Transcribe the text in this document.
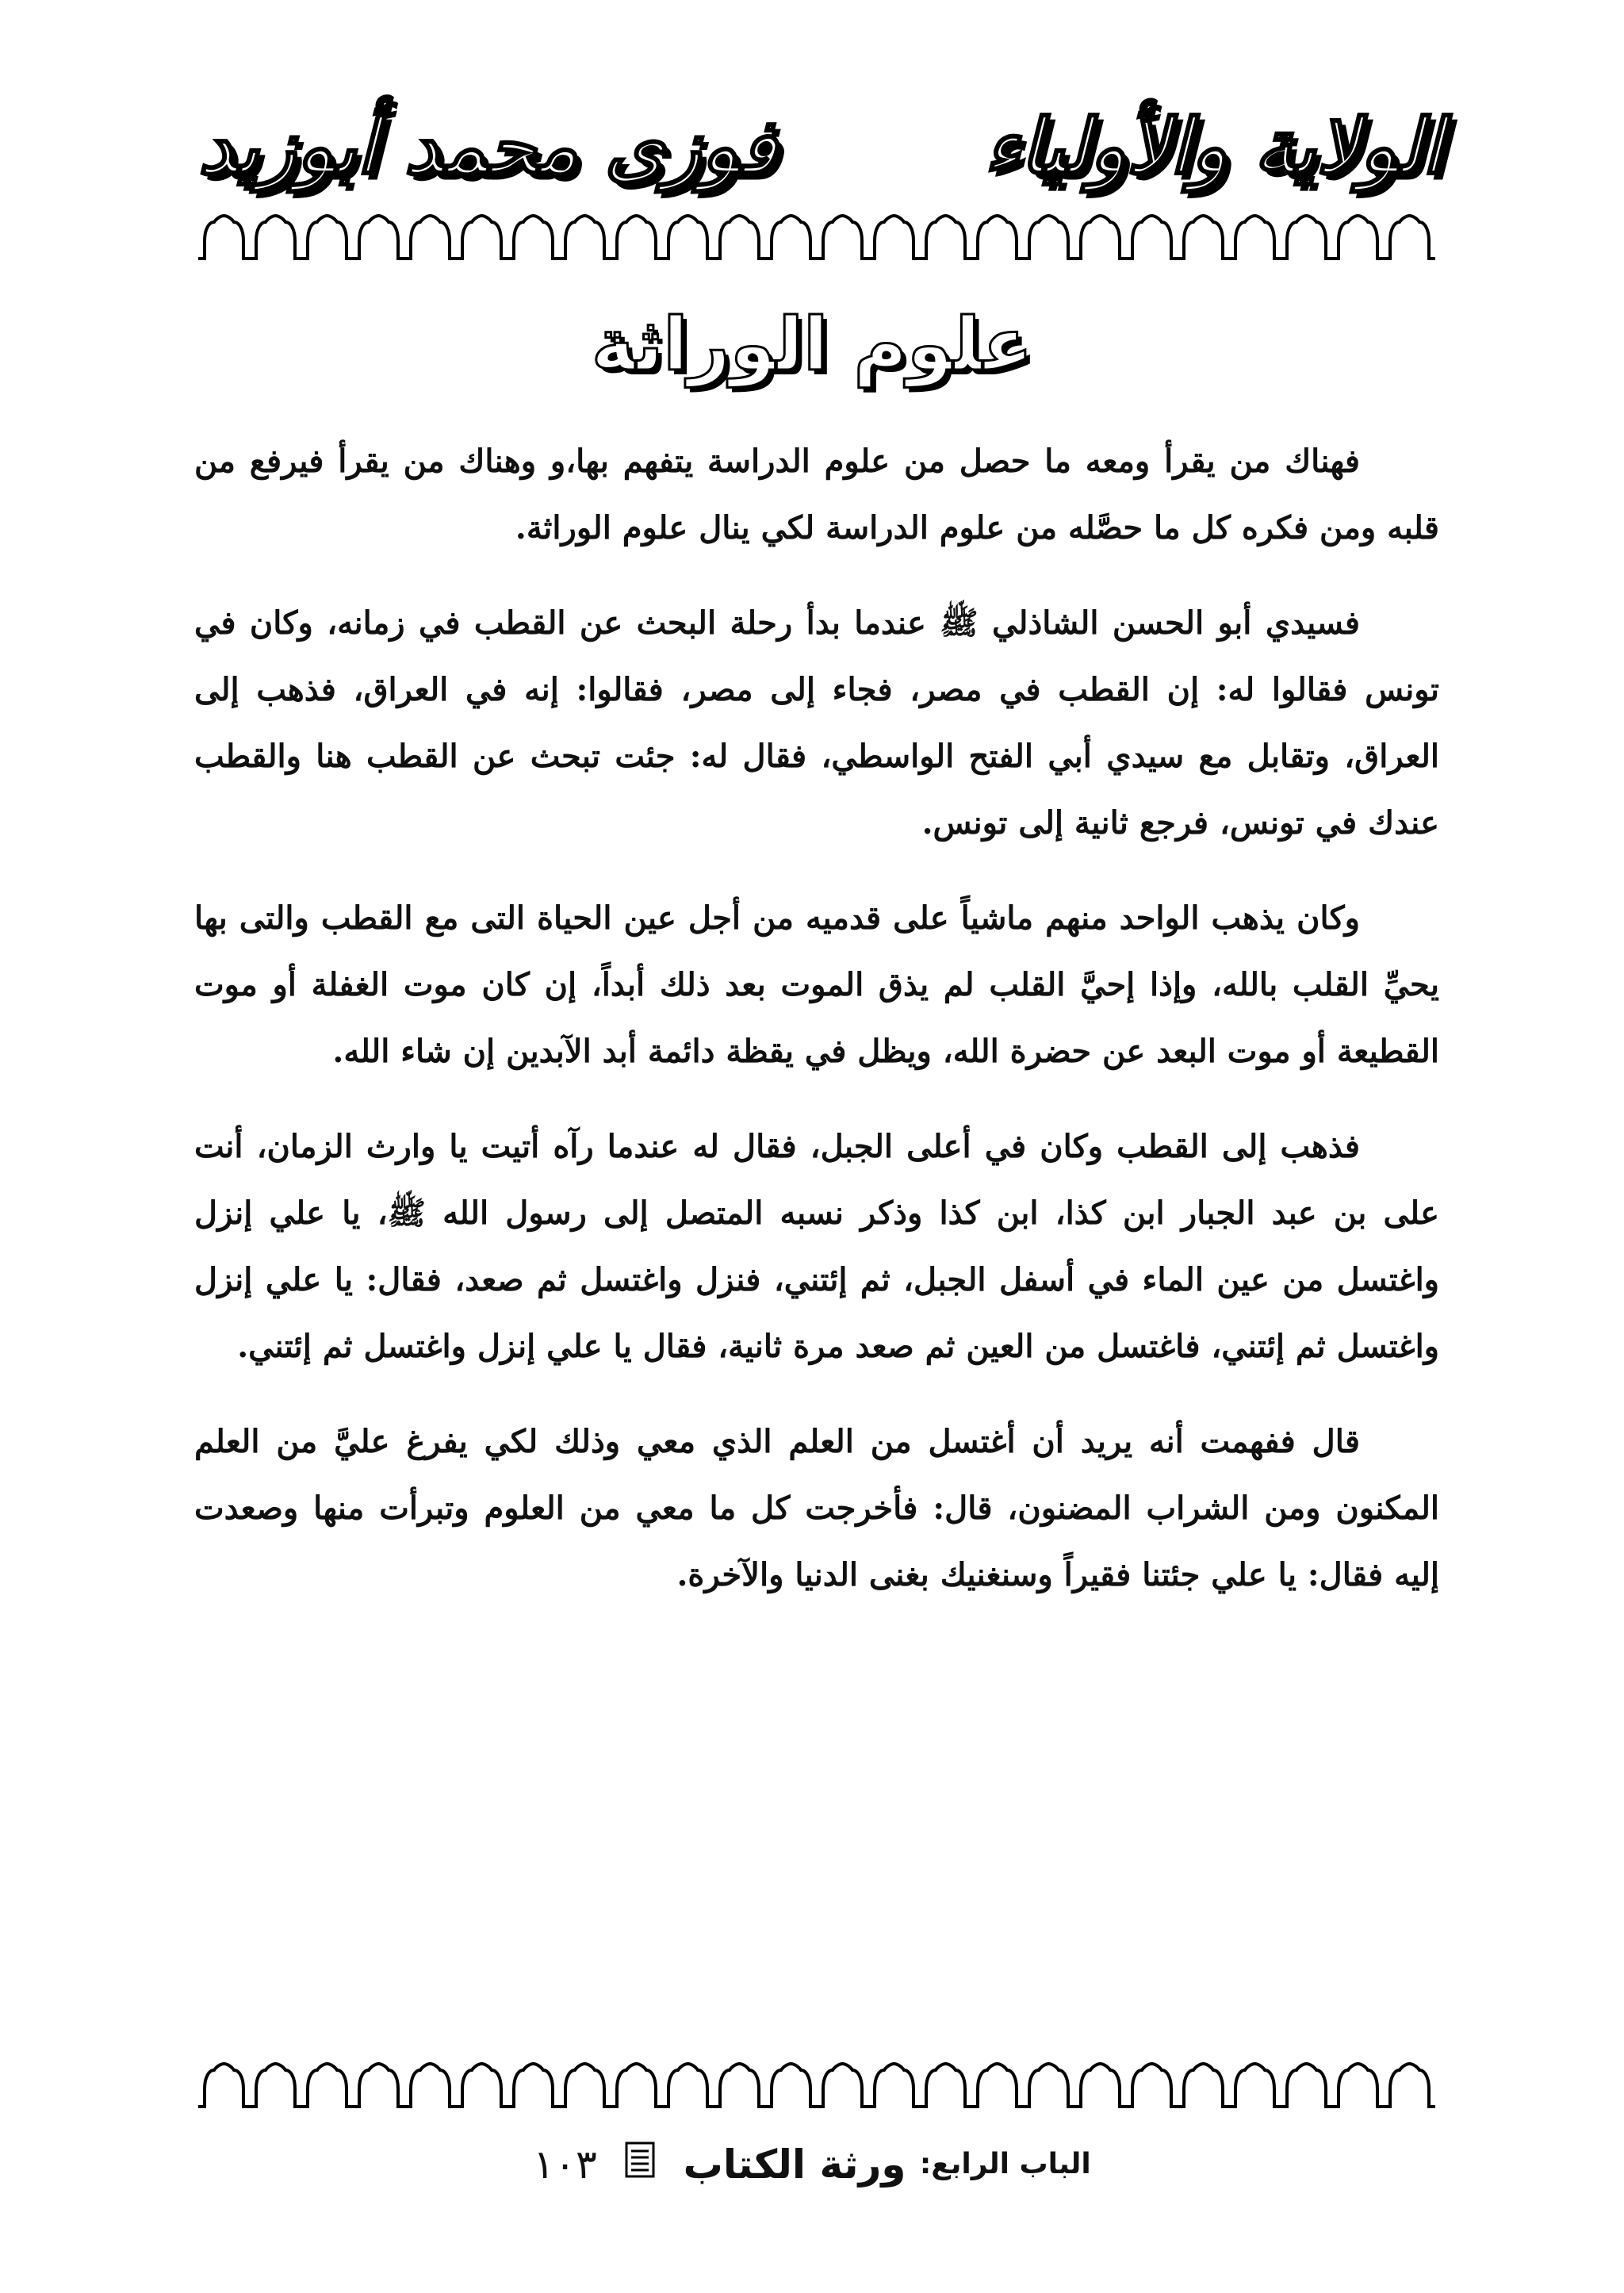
الولاية والأولياء
فوزى محمد أبوزيد
علوم الوراثة

فهناك من يقرأ ومعه ما حصل من علوم الدراسة يتفهم بها،و وهناك من يقرأ فيرفع من قلبه ومن فكره كل ما حصَّله من علوم الدراسة لكي ينال علوم الوراثة.

فسيدي أبو الحسن الشاذلي ﷺ عندما بدأ رحلة البحث عن القطب في زمانه، وكان في تونس فقالوا له: إن القطب في مصر، فجاء إلى مصر، فقالوا: إنه في العراق، فذهب إلى العراق، وتقابل مع سيدي أبي الفتح الواسطي، فقال له: جئت تبحث عن القطب هنا والقطب عندك في تونس، فرجع ثانية إلى تونس.

وكان يذهب الواحد منهم ماشياً على قدميه من أجل عين الحياة التى مع القطب والتى بها يحيِّ القلب بالله، وإذا إحيَّ القلب لم يذق الموت بعد ذلك أبداً، إن كان موت الغفلة أو موت القطيعة أو موت البعد عن حضرة الله، ويظل في يقظة دائمة أبد الآبدين إن شاء الله.

فذهب إلى القطب وكان في أعلى الجبل، فقال له عندما رآه أتيت يا وارث الزمان، أنت على بن عبد الجبار ابن كذا، ابن كذا وذكر نسبه المتصل إلى رسول الله ﷺ، يا علي إنزل واغتسل من عين الماء في أسفل الجبل، ثم إئتني، فنزل واغتسل ثم صعد، فقال: يا علي إنزل واغتسل ثم إئتني، فاغتسل من العين ثم صعد مرة ثانية، فقال يا علي إنزل واغتسل ثم إئتني.

قال ففهمت أنه يريد أن أغتسل من العلم الذي معي وذلك لكي يفرغ عليَّ من العلم المكنون ومن الشراب المضنون، قال: فأخرجت كل ما معي من العلوم وتبرأت منها وصعدت إليه فقال: يا علي جئتنا فقيراً وسنغنيك بغنى الدنيا والآخرة.

الباب الرابع: ورثة الكتاب  ١٠٣
